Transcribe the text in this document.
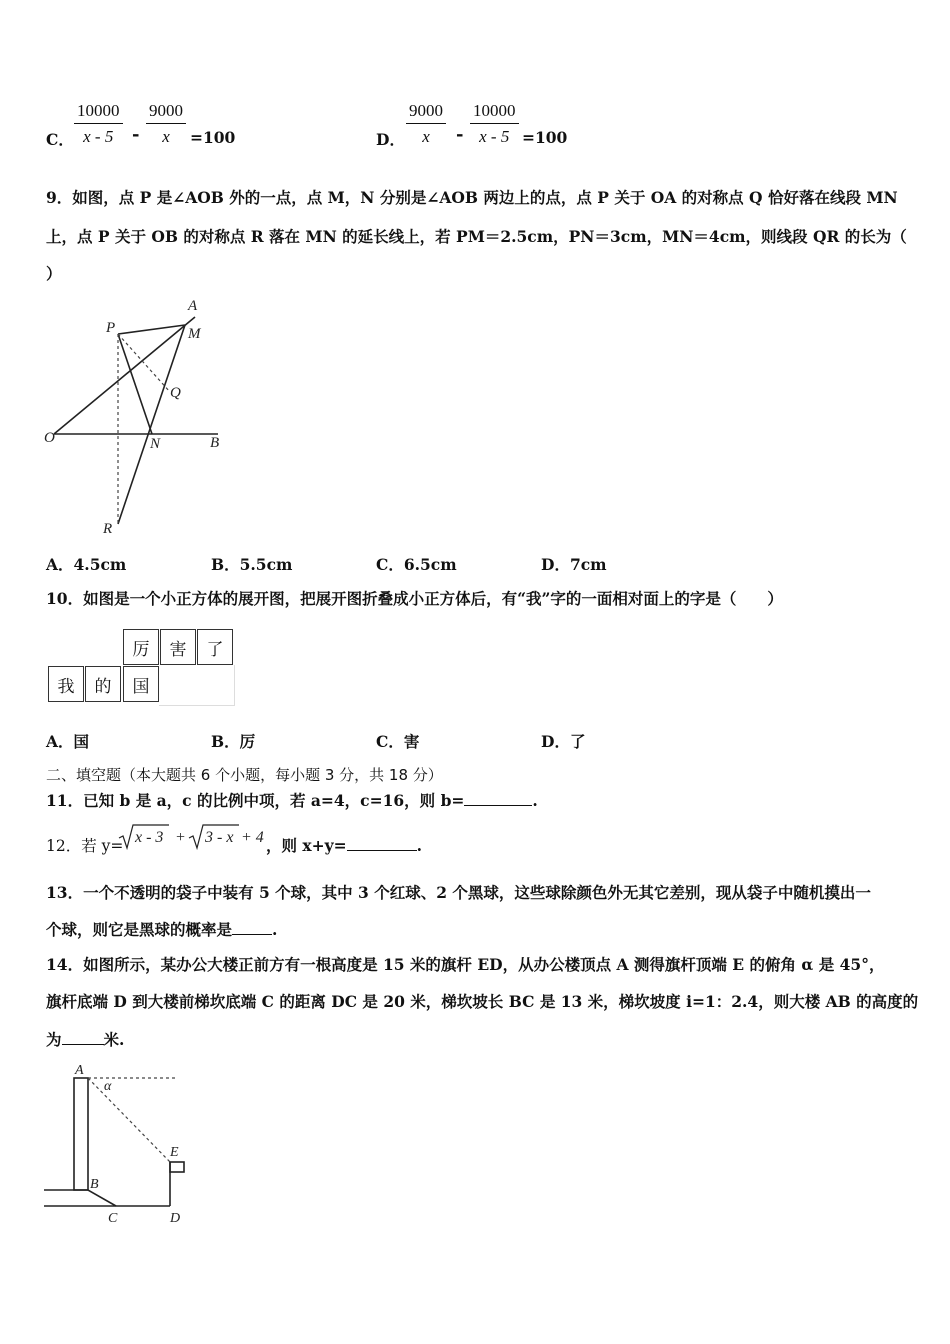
C． $\frac{10000}{x - 5} - \frac{9000}{x} =100$	D． $\frac{9000}{x} - \frac{10000}{x - 5} =100$
9．如图，点 P 是∠AOB 外的一点，点 M，N 分别是∠AOB 两边上的点，点 P 关于 OA 的对称点 Q 恰好落在线段 MN
上，点 P 关于 OB 的对称点 R 落在 MN 的延长线上，若 PM＝2.5cm，PN＝3cm，MN＝4cm，则线段 QR 的长为（
）
A
P	M
Q
O	N	B
R
A．4.5cm	B．5.5cm	C．6.5cm	D．7cm
10．如图是一个小正方体的展开图，把展开图折叠成小正方体后，有“我”字的一面相对面上的字是（　　）
厉	害	了
我	的	国
A．国	B．厉	C．害	D．了
二、填空题（本大题共 6 个小题，每小题 3 分，共 18 分）
11．已知 b 是 a，c 的比例中项，若 a=4，c=16，则 b=	.
12．若 y= x - 3 + 3 - x + 4 ，则 x+y=	.
13．一个不透明的袋子中装有 5 个球，其中 3 个红球、2 个黑球，这些球除颜色外无其它差别，现从袋子中随机摸出一
个球，则它是黑球的概率是	.
14．如图所示，某办公大楼正前方有一根高度是 15 米的旗杆 ED，从办公楼顶点 A 测得旗杆顶端 E 的俯角 α 是 45°，
旗杆底端 D 到大楼前梯坎底端 C 的距离 DC 是 20 米，梯坎坡长 BC 是 13 米，梯坎坡度 i=1：2.4，则大楼 AB 的高度的
为	米.
A
α
E
B
C	D
